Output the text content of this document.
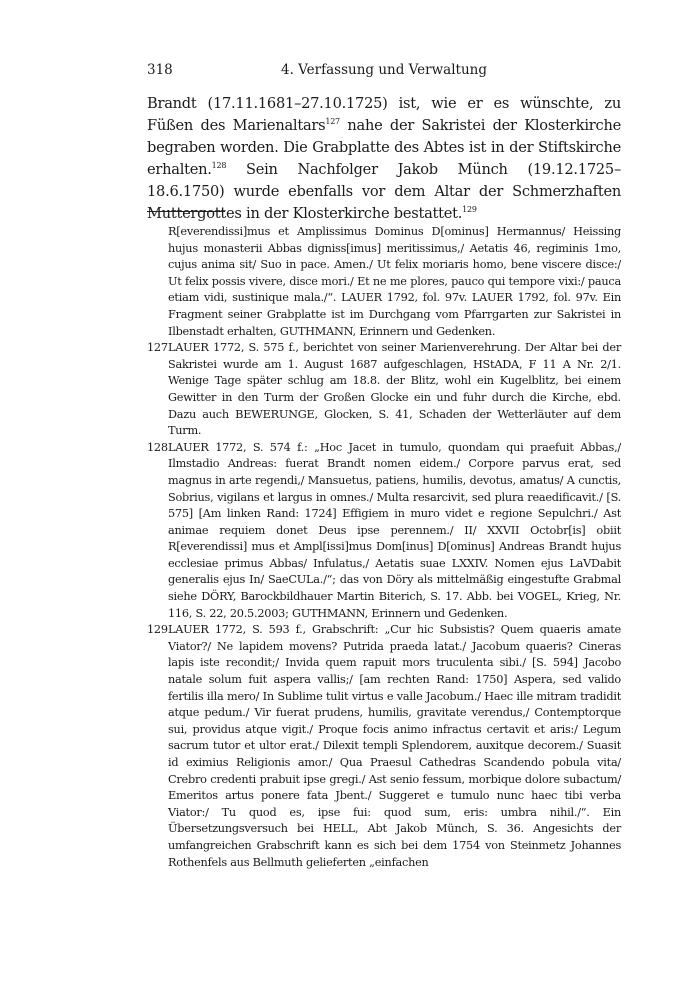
318	4. Verfassung und Verwaltung

Brandt (17.11.1681–27.10.1725) ist, wie er es wünschte, zu Füßen des Marienaltars$^{127}$ nahe der Sakristei der Klosterkirche begraben worden. Die Grabplatte des Abtes ist in der Stiftskirche erhalten.$^{128}$ Sein Nachfolger Jakob Münch (19.12.1725–18.6.1750) wurde ebenfalls vor dem Altar der Schmerzhaften Muttergottes in der Klosterkirche bestattet.$^{129}$

R[everendissi]mus et Amplissimus Dominus D[ominus] Hermannus/ Heissing hujus monasterii Abbas digniss[imus] meritissimus,/ Aetatis 46, regiminis 1mo, cujus anima sit/ Suo in pace. Amen./ Ut felix moriaris homo, bene viscere disce:/ Ut felix possis vivere, disce mori./ Et ne me plores, pauco qui tempore vixi:/ pauca etiam vidi, sustinique mala./“. LAUER 1792, fol. 97v. LAUER 1792, fol. 97v. Ein Fragment seiner Grabplatte ist im Durchgang vom Pfarrgarten zur Sakristei in Ilbenstadt erhalten, GUTHMANN, Erinnern und Gedenken.
127 LAUER 1772, S. 575 f., berichtet von seiner Marienverehrung. Der Altar bei der Sakristei wurde am 1. August 1687 aufgeschlagen, HStADA, F 11 A Nr. 2/1. Wenige Tage später schlug am 18.8. der Blitz, wohl ein Kugelblitz, bei einem Gewitter in den Turm der Großen Glocke ein und fuhr durch die Kirche, ebd. Dazu auch BEWERUNGE, Glocken, S. 41, Schaden der Wetterläuter auf dem Turm.
128 LAUER 1772, S. 574 f.: „Hoc Jacet in tumulo, quondam qui praefuit Abbas,/ Ilmstadio Andreas: fuerat Brandt nomen eidem./ Corpore parvus erat, sed magnus in arte regendi,/ Mansuetus, patiens, humilis, devotus, amatus/ A cunctis, Sobrius, vigilans et largus in omnes./ Multa resarcivit, sed plura reaedificavit./ [S. 575] [Am linken Rand: 1724] Effigiem in muro videt e regione Sepulchri./ Ast animae requiem donet Deus ipse perennem./ II/ XXVII Octobr[is] obiit R[everendissi] mus et Ampl[issi]mus Dom[inus] D[ominus] Andreas Brandt hujus ecclesiae primus Abbas/ Infulatus,/ Aetatis suae LXXIV. Nomen ejus LaVDabit generalis ejus In/ SaeCULa./“; das von Döry als mittelmäßig eingestufte Grabmal siehe DÖRY, Barockbildhauer Martin Biterich, S. 17. Abb. bei VOGEL, Krieg, Nr. 116, S. 22, 20.5.2003; GUTHMANN, Erinnern und Gedenken.
129 LAUER 1772, S. 593 f., Grabschrift: „Cur hic Subsistis? Quem quaeris amate Viator?/ Ne lapidem movens? Putrida praeda latat./ Jacobum quaeris? Cineras lapis iste recondit;/ Invida quem rapuit mors truculenta sibi./ [S. 594] Jacobo natale solum fuit aspera vallis;/ [am rechten Rand: 1750] Aspera, sed valido fertilis illa mero/ In Sublime tulit virtus e valle Jacobum./ Haec ille mitram tradidit atque pedum./ Vir fuerat prudens, humilis, gravitate verendus,/ Contemptorque sui, providus atque vigit./ Proque focis animo infractus certavit et aris:/ Legum sacrum tutor et ultor erat./ Dilexit templi Splendorem, auxitque decorem./ Suasit id eximius Religionis amor./ Qua Praesul Cathedras Scandendo pobula vita/ Crebro credenti prabuit ipse gregi./ Ast senio fessum, morbique dolore subactum/ Emeritos artus ponere fata Jbent./ Suggeret e tumulo nunc haec tibi verba Viator:/ Tu quod es, ipse fui: quod sum, eris: umbra nihil./“. Ein Übersetzungsversuch bei HELL, Abt Jakob Münch, S. 36. Angesichts der umfangreichen Grabschrift kann es sich bei dem 1754 von Steinmetz Johannes Rothenfels aus Bellmuth gelieferten „einfachen
